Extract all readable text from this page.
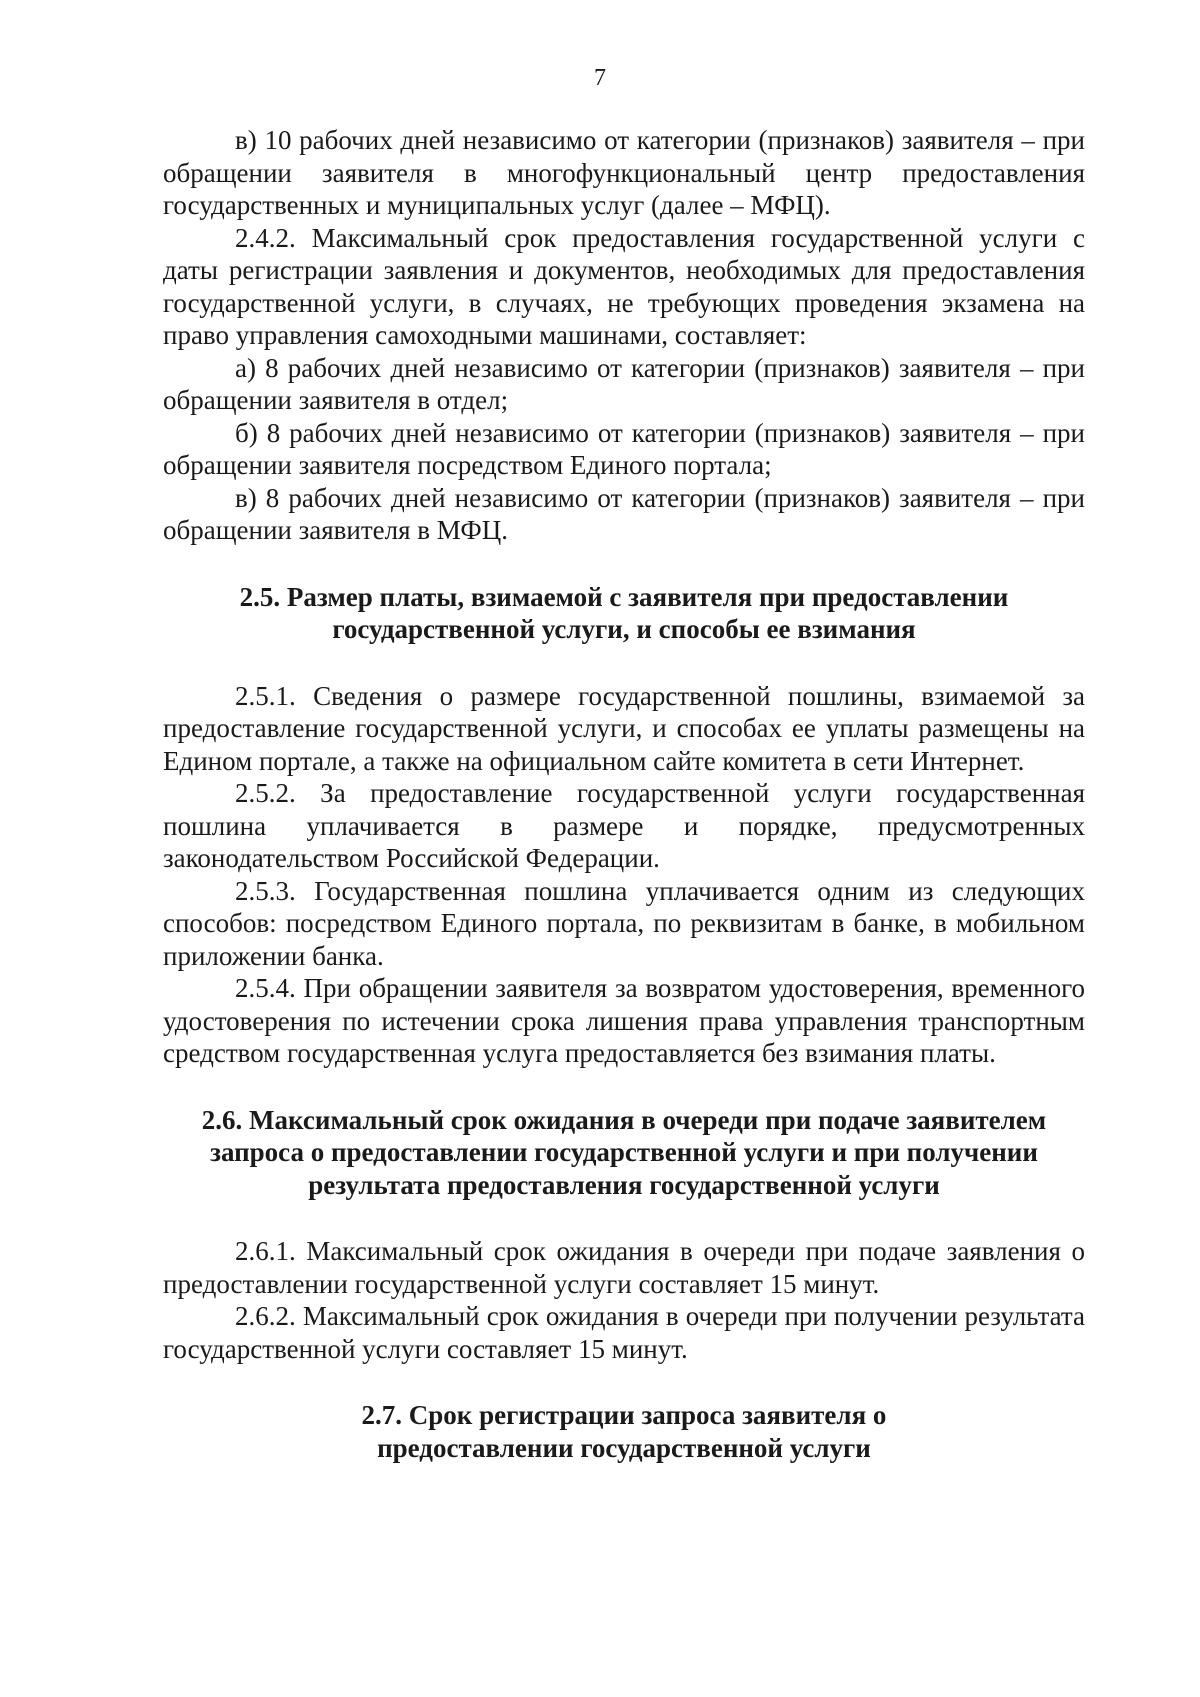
7

в) 10 рабочих дней независимо от категории (признаков) заявителя – при обращении заявителя в многофункциональный центр предоставления государственных и муниципальных услуг (далее – МФЦ).

2.4.2. Максимальный срок предоставления государственной услуги с даты регистрации заявления и документов, необходимых для предоставления государственной услуги, в случаях, не требующих проведения экзамена на право управления самоходными машинами, составляет:

а) 8 рабочих дней независимо от категории (признаков) заявителя – при обращении заявителя в отдел;

б) 8 рабочих дней независимо от категории (признаков) заявителя – при обращении заявителя посредством Единого портала;

в) 8 рабочих дней независимо от категории (признаков) заявителя – при обращении заявителя в МФЦ.

2.5. Размер платы, взимаемой с заявителя при предоставлении государственной услуги, и способы ее взимания

2.5.1. Сведения о размере государственной пошлины, взимаемой за предоставление государственной услуги, и способах ее уплаты размещены на Едином портале, а также на официальном сайте комитета в сети Интернет.

2.5.2. За предоставление государственной услуги государственная пошлина уплачивается в размере и порядке, предусмотренных законодательством Российской Федерации.

2.5.3. Государственная пошлина уплачивается одним из следующих способов: посредством Единого портала, по реквизитам в банке, в мобильном приложении банка.

2.5.4. При обращении заявителя за возвратом удостоверения, временного удостоверения по истечении срока лишения права управления транспортным средством государственная услуга предоставляется без взимания платы.

2.6. Максимальный срок ожидания в очереди при подаче заявителем запроса о предоставлении государственной услуги и при получении результата предоставления государственной услуги

2.6.1. Максимальный срок ожидания в очереди при подаче заявления о предоставлении государственной услуги составляет 15 минут.

2.6.2. Максимальный срок ожидания в очереди при получении результата государственной услуги составляет 15 минут.

2.7. Срок регистрации запроса заявителя о предоставлении государственной услуги
